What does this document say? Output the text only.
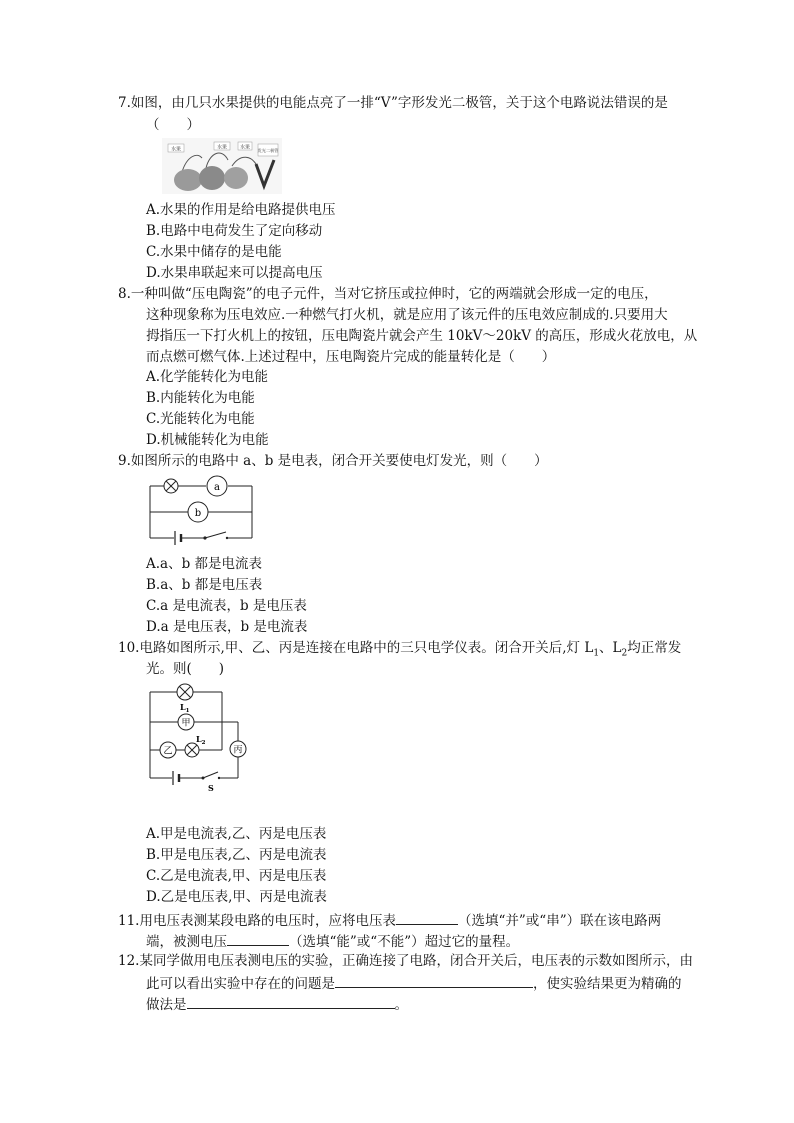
7.如图，由几只水果提供的电能点亮了一排“V”字形发光二极管，关于这个电路说法错误的是
（　　）
水果	水果	水果 发光二极管
A.水果的作用是给电路提供电压
B.电路中电荷发生了定向移动
C.水果中储存的是电能
D.水果串联起来可以提高电压
8.一种叫做“压电陶瓷”的电子元件，当对它挤压或拉伸时，它的两端就会形成一定的电压，
这种现象称为压电效应.一种燃气打火机，就是应用了该元件的压电效应制成的.只要用大
拇指压一下打火机上的按钮，压电陶瓷片就会产生 10kV～20kV 的高压，形成火花放电，从
而点燃可燃气体.上述过程中，压电陶瓷片完成的能量转化是（　　）
A.化学能转化为电能
B.内能转化为电能
C.光能转化为电能
D.机械能转化为电能
9.如图所示的电路中 a、b 是电表，闭合开关要使电灯发光，则（　　）
a
b
A.a、b 都是电流表
B.a、b 都是电压表
C.a 是电流表，b 是电压表
D.a 是电压表，b 是电流表
10.电路如图所示,甲、乙、丙是连接在电路中的三只电学仪表。闭合开关后,灯 $L_1$、$L_2$均正常发
光。则(　　)
$L_1$
甲
乙
$L_2$
丙
S
A.甲是电流表,乙、丙是电压表
B.甲是电压表,乙、丙是电流表
C.乙是电流表,甲、丙是电压表
D.乙是电压表,甲、丙是电流表
11.用电压表测某段电路的电压时，应将电压表	（选填“并”或“串”）联在该电路两
端，被测电压	（选填“能”或“不能”）超过它的量程。
12.某同学做用电压表测电压的实验，正确连接了电路，闭合开关后，电压表的示数如图所示，由
此可以看出实验中存在的问题是	，使实验结果更为精确的
做法是	。
